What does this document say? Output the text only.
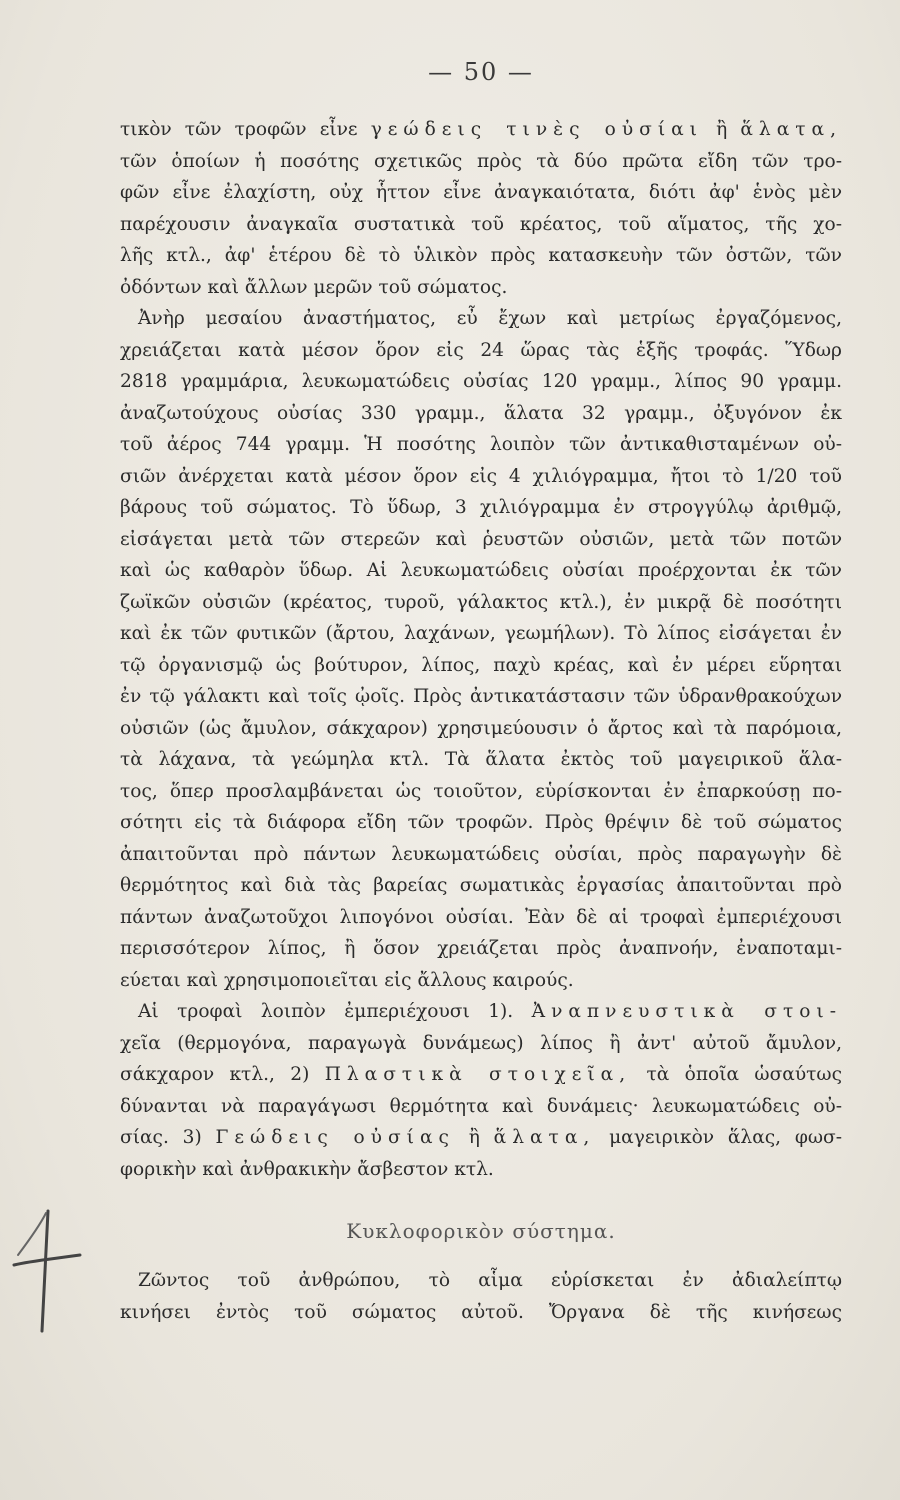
— 50 —

τικὸν τῶν τροφῶν εἶνε γεώδεις τινὲς οὐσίαι ἢ ἅλατα,

τῶν ὁποίων ἡ ποσότης σχετικῶς πρὸς τὰ δύο πρῶτα εἴδη τῶν τρο-

φῶν εἶνε ἐλαχίστη, οὐχ ἧττον εἶνε ἀναγκαιότατα, διότι ἀφ' ἑνὸς μὲν

παρέχουσιν ἀναγκαῖα συστατικὰ τοῦ κρέατος, τοῦ αἵματος, τῆς χο-

λῆς κτλ., ἀφ' ἑτέρου δὲ τὸ ὑλικὸν πρὸς κατασκευὴν τῶν ὀστῶν, τῶν

ὀδόντων καὶ ἄλλων μερῶν τοῦ σώματος.

Ἀνὴρ μεσαίου ἀναστήματος, εὖ ἔχων καὶ μετρίως ἐργαζόμενος,

χρειάζεται κατὰ μέσον ὅρον εἰς 24 ὥρας τὰς ἑξῆς τροφάς. Ὕδωρ

2818 γραμμάρια, λευκωματώδεις οὐσίας 120 γραμμ., λίπος 90 γραμμ.

ἀναζωτούχους οὐσίας 330 γραμμ., ἅλατα 32 γραμμ., ὀξυγόνον ἐκ

τοῦ ἀέρος 744 γραμμ. Ἡ ποσότης λοιπὸν τῶν ἀντικαθισταμένων οὐ-

σιῶν ἀνέρχεται κατὰ μέσον ὅρον εἰς 4 χιλιόγραμμα, ἤτοι τὸ 1/20 τοῦ

βάρους τοῦ σώματος. Τὸ ὕδωρ, 3 χιλιόγραμμα ἐν στρογγύλῳ ἀριθμῷ,

εἰσάγεται μετὰ τῶν στερεῶν καὶ ῥευστῶν οὐσιῶν, μετὰ τῶν ποτῶν

καὶ ὡς καθαρὸν ὕδωρ. Αἱ λευκωματώδεις οὐσίαι προέρχονται ἐκ τῶν

ζωϊκῶν οὐσιῶν (κρέατος, τυροῦ, γάλακτος κτλ.), ἐν μικρᾷ δὲ ποσότητι

καὶ ἐκ τῶν φυτικῶν (ἄρτου, λαχάνων, γεωμήλων). Τὸ λίπος εἰσάγεται ἐν

τῷ ὀργανισμῷ ὡς βούτυρον, λίπος, παχὺ κρέας, καὶ ἐν μέρει εὕρηται

ἐν τῷ γάλακτι καὶ τοῖς ᾠοῖς. Πρὸς ἀντικατάστασιν τῶν ὑδρανθρακούχων

οὐσιῶν (ὡς ἄμυλον, σάκχαρον) χρησιμεύουσιν ὁ ἄρτος καὶ τὰ παρόμοια,

τὰ λάχανα, τὰ γεώμηλα κτλ. Τὰ ἅλατα ἐκτὸς τοῦ μαγειρικοῦ ἅλα-

τος, ὅπερ προσλαμβάνεται ὡς τοιοῦτον, εὑρίσκονται ἐν ἐπαρκούσῃ πο-

σότητι εἰς τὰ διάφορα εἴδη τῶν τροφῶν. Πρὸς θρέψιν δὲ τοῦ σώματος

ἀπαιτοῦνται πρὸ πάντων λευκωματώδεις οὐσίαι, πρὸς παραγωγὴν δὲ

θερμότητος καὶ διὰ τὰς βαρείας σωματικὰς ἐργασίας ἀπαιτοῦνται πρὸ

πάντων ἀναζωτοῦχοι λιπογόνοι οὐσίαι. Ἐὰν δὲ αἱ τροφαὶ ἐμπεριέχουσι

περισσότερον λίπος, ἢ ὅσον χρειάζεται πρὸς ἀναπνοήν, ἐναποταμι-

εύεται καὶ χρησιμοποιεῖται εἰς ἄλλους καιρούς.

Αἱ τροφαὶ λοιπὸν ἐμπεριέχουσι 1). Ἀναπνευστικὰ στοι-

χεῖα (θερμογόνα, παραγωγὰ δυνάμεως) λίπος ἢ ἀντ' αὐτοῦ ἄμυλον,

σάκχαρον κτλ., 2) Πλαστικὰ στοιχεῖα, τὰ ὁποῖα ὡσαύτως

δύνανται νὰ παραγάγωσι θερμότητα καὶ δυνάμεις· λευκωματώδεις οὐ-

σίας. 3) Γεώδεις οὐσίας ἢ ἅλατα, μαγειρικὸν ἅλας, φωσ-

φορικὴν καὶ ἀνθρακικὴν ἄσβεστον κτλ.

Κυκλοφορικὸν σύστημα.

Ζῶντος τοῦ ἀνθρώπου, τὸ αἷμα εὑρίσκεται ἐν ἀδιαλείπτῳ

κινήσει ἐντὸς τοῦ σώματος αὐτοῦ. Ὄργανα δὲ τῆς κινήσεως
